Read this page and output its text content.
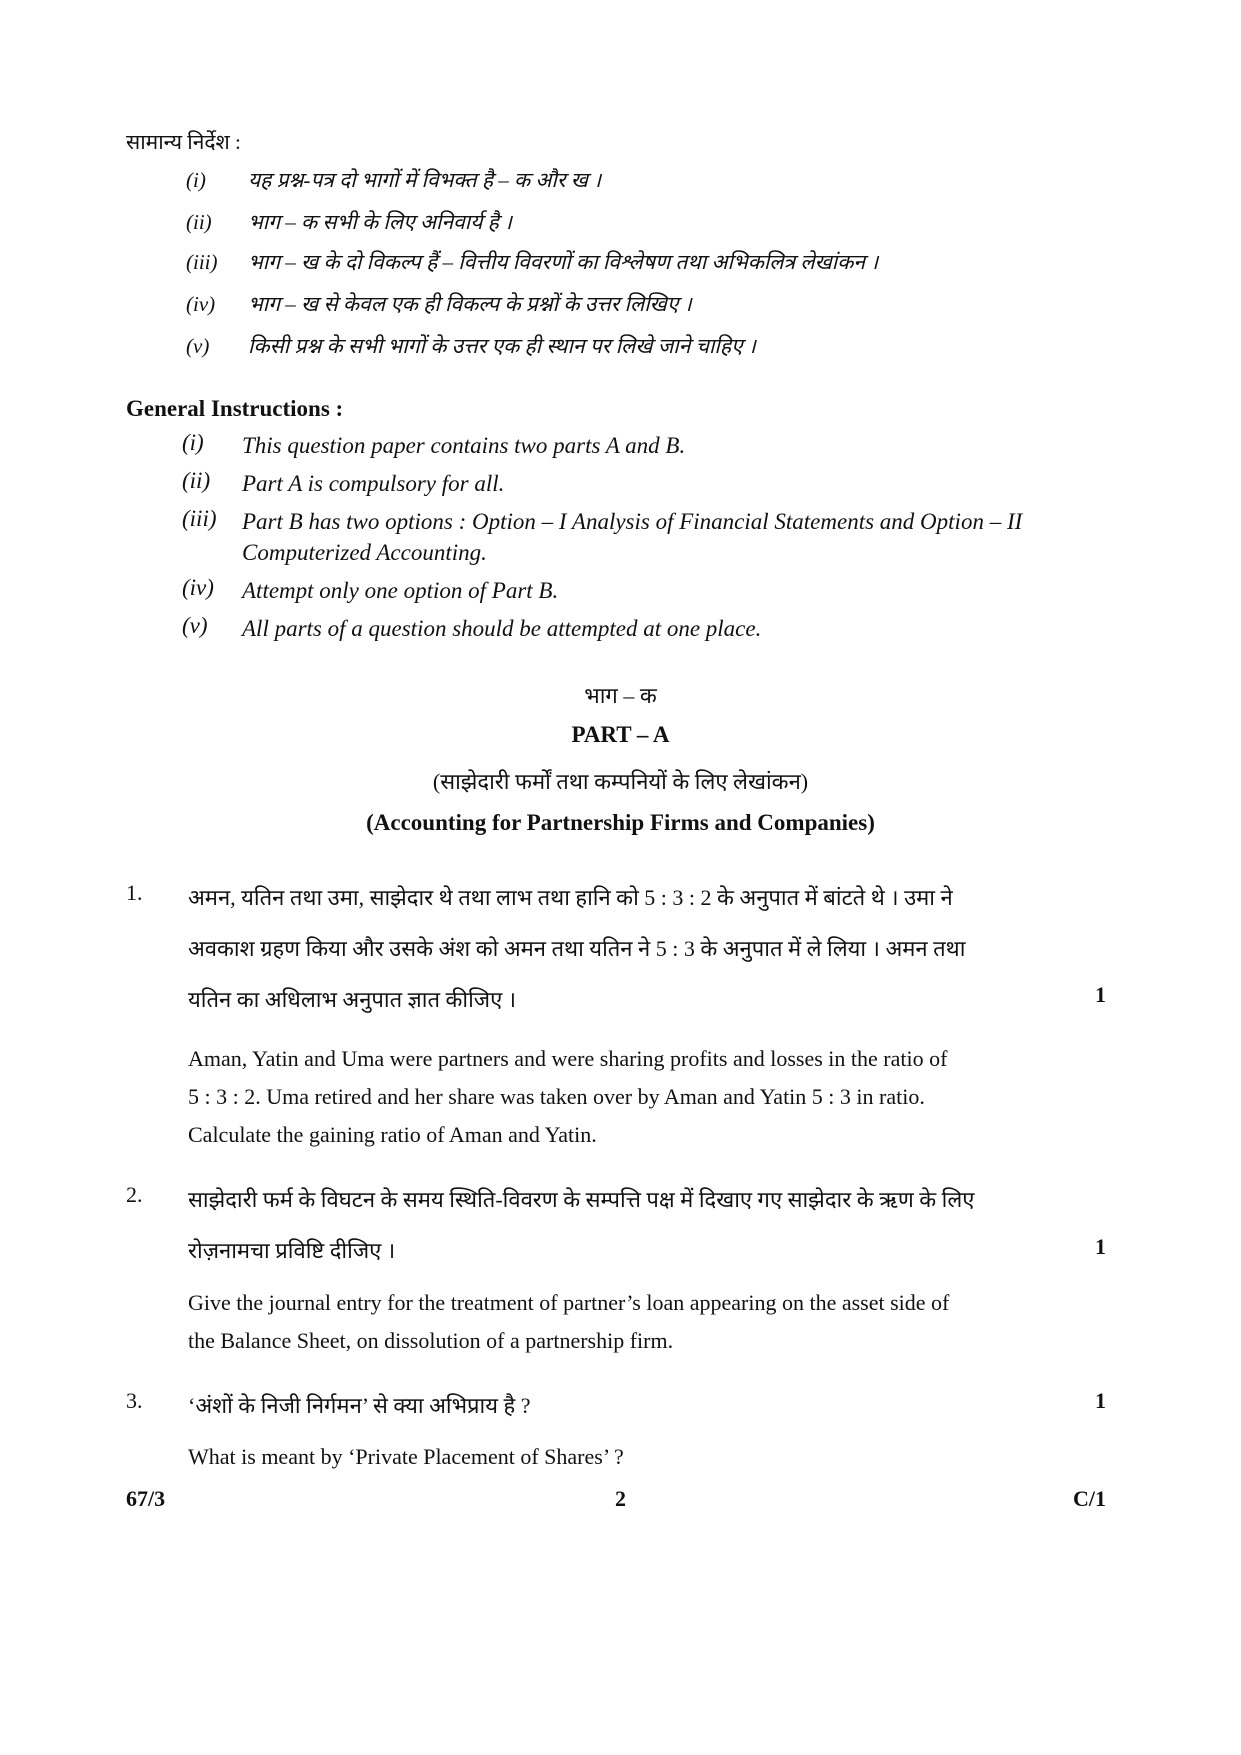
सामान्य निर्देश :
(i) यह प्रश्न-पत्र दो भागों में विभक्त है – क और ख ।
(ii) भाग – क सभी के लिए अनिवार्य है ।
(iii) भाग – ख के दो विकल्प हैं – वित्तीय विवरणों का विश्लेषण तथा अभिकलित्र लेखांकन ।
(iv) भाग – ख से केवल एक ही विकल्प के प्रश्नों के उत्तर लिखिए ।
(v) किसी प्रश्न के सभी भागों के उत्तर एक ही स्थान पर लिखे जाने चाहिए ।
General Instructions :
(i) This question paper contains two parts A and B.
(ii) Part A is compulsory for all.
(iii) Part B has two options : Option – I Analysis of Financial Statements and Option – II Computerized Accounting.
(iv) Attempt only one option of Part B.
(v) All parts of a question should be attempted at one place.
भाग – क
PART – A
(साझेदारी फर्मों तथा कम्पनियों के लिए लेखांकन)
(Accounting for Partnership Firms and Companies)
1. अमन, यतिन तथा उमा, साझेदार थे तथा लाभ तथा हानि को 5 : 3 : 2 के अनुपात में बांटते थे । उमा ने
अवकाश ग्रहण किया और उसके अंश को अमन तथा यतिन ने 5 : 3 के अनुपात में ले लिया । अमन तथा
यतिन का अधिलाभ अनुपात ज्ञात कीजिए ।	1
Aman, Yatin and Uma were partners and were sharing profits and losses in the ratio of
5 : 3 : 2. Uma retired and her share was taken over by Aman and Yatin 5 : 3 in ratio.
Calculate the gaining ratio of Aman and Yatin.
2. साझेदारी फर्म के विघटन के समय स्थिति-विवरण के सम्पत्ति पक्ष में दिखाए गए साझेदार के ऋण के लिए
रोज़नामचा प्रविष्टि दीजिए ।	1
Give the journal entry for the treatment of partner’s loan appearing on the asset side of
the Balance Sheet, on dissolution of a partnership firm.
3. ‘अंशों के निजी निर्गमन’ से क्या अभिप्राय है ?	1
What is meant by ‘Private Placement of Shares’ ?
67/3	2	C/1
